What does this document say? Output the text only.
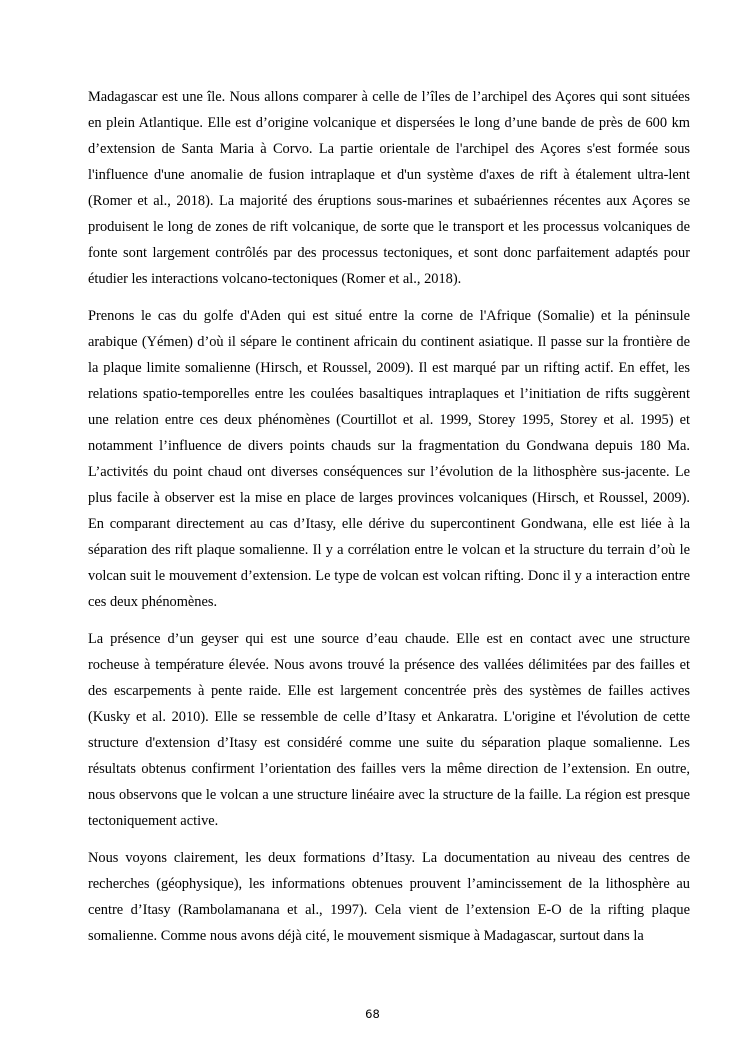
Madagascar est une île. Nous allons comparer à celle de l’îles de l’archipel des Açores qui sont situées en plein Atlantique. Elle est d’origine volcanique et dispersées le long d’une bande de près de 600 km d’extension de Santa Maria à Corvo. La partie orientale de l'archipel des Açores s'est formée sous l'influence d'une anomalie de fusion intraplaque et d'un système d'axes de rift à étalement ultra-lent (Romer et al., 2018). La majorité des éruptions sous-marines et subaériennes récentes aux Açores se produisent le long de zones de rift volcanique, de sorte que le transport et les processus volcaniques de fonte sont largement contrôlés par des processus tectoniques, et sont donc parfaitement adaptés pour étudier les interactions volcano-tectoniques (Romer et al., 2018).

Prenons le cas du golfe d'Aden qui est situé entre la corne de l'Afrique (Somalie) et la péninsule arabique (Yémen) d’où il sépare le continent africain du continent asiatique. Il passe sur la frontière de la plaque limite somalienne (Hirsch, et Roussel, 2009). Il est marqué par un rifting actif. En effet, les relations spatio-temporelles entre les coulées basaltiques intraplaques et l’initiation de rifts suggèrent une relation entre ces deux phénomènes (Courtillot et al. 1999, Storey 1995, Storey et al. 1995) et notamment l’influence de divers points chauds sur la fragmentation du Gondwana depuis 180 Ma. L’activités du point chaud ont diverses conséquences sur l’évolution de la lithosphère sus-jacente. Le plus facile à observer est la mise en place de larges provinces volcaniques (Hirsch, et Roussel, 2009). En comparant directement au cas d’Itasy, elle dérive du supercontinent Gondwana, elle est liée à la séparation des rift plaque somalienne. Il y a corrélation entre le volcan et la structure du terrain d’où le volcan suit le mouvement d’extension. Le type de volcan est volcan rifting. Donc il y a interaction entre ces deux phénomènes.

La présence d’un geyser qui est une source d’eau chaude. Elle est en contact avec une structure rocheuse à température élevée. Nous avons trouvé la présence des vallées délimitées par des failles et des escarpements à pente raide. Elle est largement concentrée près des systèmes de failles actives (Kusky et al. 2010). Elle se ressemble de celle d’Itasy et Ankaratra. L'origine et l'évolution de cette structure d'extension d’Itasy est considéré comme une suite du séparation plaque somalienne. Les résultats obtenus confirment l’orientation des failles vers la même direction de l’extension. En outre, nous observons que le volcan a une structure linéaire avec la structure de la faille. La région est presque tectoniquement active.

Nous voyons clairement, les deux formations d’Itasy. La documentation au niveau des centres de recherches (géophysique), les informations obtenues prouvent l’amincissement de la lithosphère au centre d’Itasy (Rambolamanana et al., 1997). Cela vient de l’extension E-O de la rifting plaque somalienne. Comme nous avons déjà cité, le mouvement sismique à Madagascar, surtout dans la

68
